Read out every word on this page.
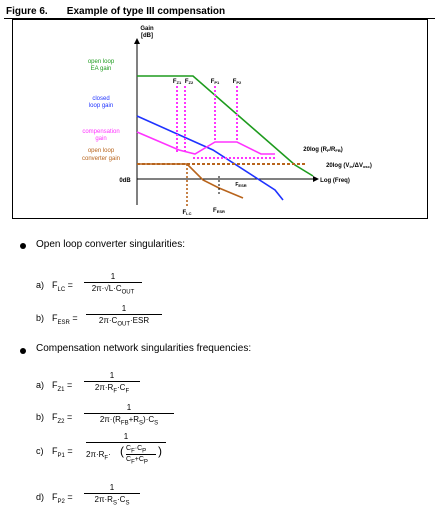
Figure 6. Example of type III compensation
Gain
[dB]
open loop
EA gain
closed
loop gain
compensation
gain
open loop
converter gain
0dB	Log (Freq)
FZ1 FZ2	FP1 FP2
FLC	FESR
$F_{ESR}$
20log (RF/RFB)
20log (Vin/ΔVosc)
Open loop converter singularities:
a) $F_{LC}$ =
1
$2\pi\cdot√L\cdot C_{OUT}$
b) $F_{ESR}$ =
1
$2\pi\cdot C_{OUT}\cdot ESR$
Compensation network singularities frequencies:
a) $F_{Z1}$ =
1
$2\pi\cdot R_F\cdot C_F$
b) $F_{Z2}$ =
1
$2\pi\cdot(R_{FB}+R_S)\cdot C_S$
c) $F_{P1}$ =
1
$2\pi\cdot R_F\cdot$ ( $C_F\cdot C_P$
$C_F+C_P$
)
d) $F_{P2}$ =
1
$2\pi\cdot R_S\cdot C_S$
